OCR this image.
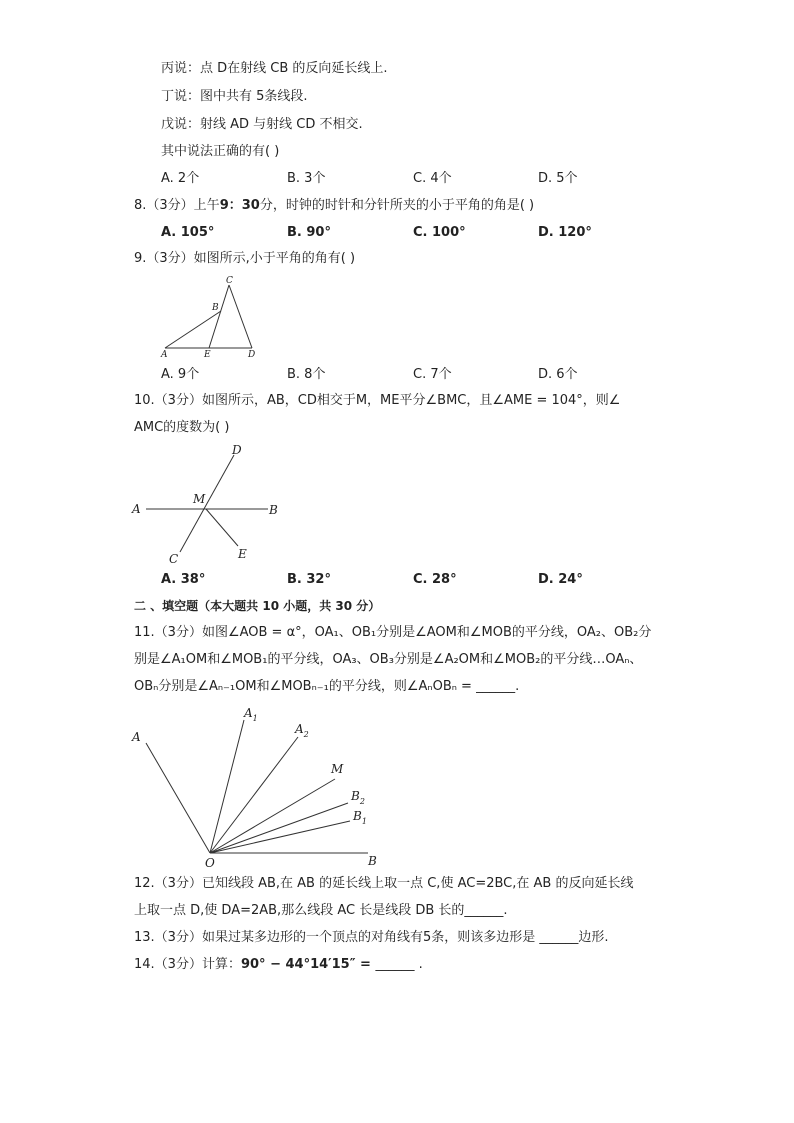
丙说：点 D在射线 CB 的反向延长线上.
丁说：图中共有 5条线段.
戊说：射线 AD 与射线 CD 不相交.
其中说法正确的有( )
A. 2个	B. 3个	C. 4个	D. 5个
8.（3分）上午9：30分，时钟的时针和分针所夹的小于平角的角是( )
A. 105°	B. 90°	C. 100°	D. 120°
9.（3分）如图所示,小于平角的角有( )
C
B
A	E	D
A. 9个	B. 8个	C. 7个	D. 6个
10.（3分）如图所示，AB，CD相交于M，ME平分∠BMC，且∠AME = 104°，则∠
AMC的度数为( )
D
A
M
B
C	E
A. 38°	B. 32°	C. 28°	D. 24°
二 、填空题（本大题共 10 小题，共 30 分）
11.（3分）如图∠AOB = α°，OA₁、OB₁分别是∠AOM和∠MOB的平分线，OA₂、OB₂分
别是∠A₁OM和∠MOB₁的平分线，OA₃、OB₃分别是∠A₂OM和∠MOB₂的平分线…OAₙ、
OBₙ分别是∠Aₙ₋₁OM和∠MOBₙ₋₁的平分线，则∠AₙOBₙ = ______.
A
$A_1$
$A_2$
M
$B_2$
$B_1$
O	B
12.（3分）已知线段 AB,在 AB 的延长线上取一点 C,使 AC=2BC,在 AB 的反向延长线
上取一点 D,使 DA=2AB,那么线段 AC 长是线段 DB 长的______.
13.（3分）如果过某多边形的一个顶点的对角线有5条，则该多边形是 ______边形.
14.（3分）计算：90° − 44°14′15″ = ______ .
